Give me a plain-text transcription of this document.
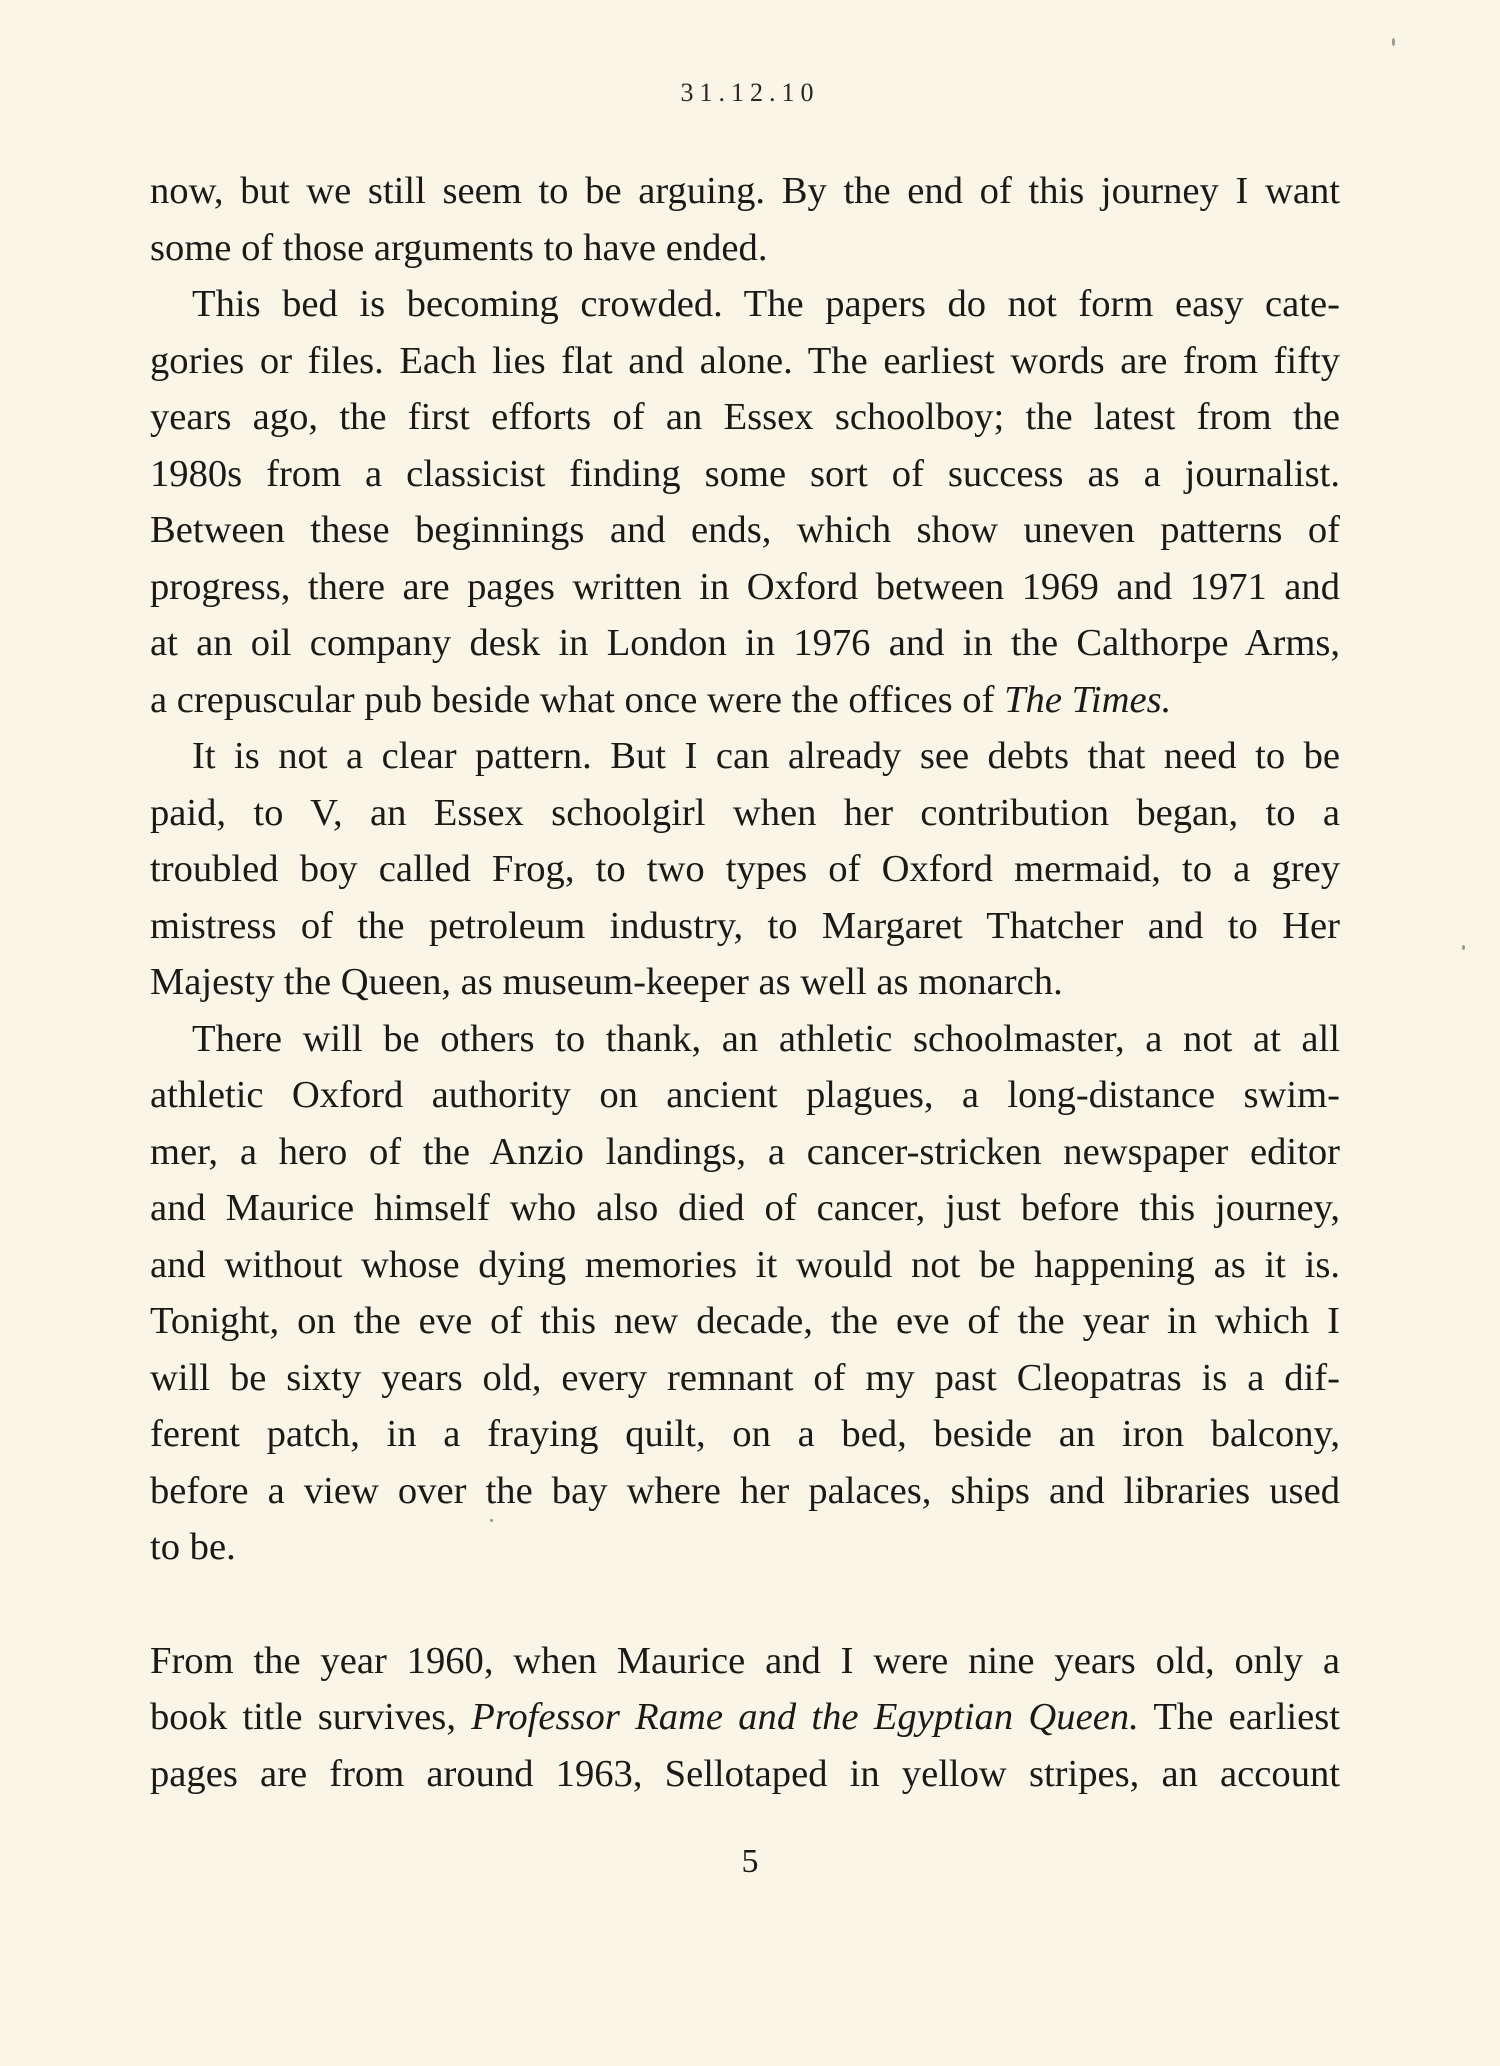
31.12.10
now, but we still seem to be arguing. By the end of this journey I want
some of those arguments to have ended.
This bed is becoming crowded. The papers do not form easy cate-
gories or files. Each lies flat and alone. The earliest words are from fifty
years ago, the first efforts of an Essex schoolboy; the latest from the
1980s from a classicist finding some sort of success as a journalist.
Between these beginnings and ends, which show uneven patterns of
progress, there are pages written in Oxford between 1969 and 1971 and
at an oil company desk in London in 1976 and in the Calthorpe Arms,
a crepuscular pub beside what once were the offices of The Times.
It is not a clear pattern. But I can already see debts that need to be
paid, to V, an Essex schoolgirl when her contribution began, to a
troubled boy called Frog, to two types of Oxford mermaid, to a grey
mistress of the petroleum industry, to Margaret Thatcher and to Her
Majesty the Queen, as museum-keeper as well as monarch.
There will be others to thank, an athletic schoolmaster, a not at all
athletic Oxford authority on ancient plagues, a long-distance swim-
mer, a hero of the Anzio landings, a cancer-stricken newspaper editor
and Maurice himself who also died of cancer, just before this journey,
and without whose dying memories it would not be happening as it is.
Tonight, on the eve of this new decade, the eve of the year in which I
will be sixty years old, every remnant of my past Cleopatras is a dif-
ferent patch, in a fraying quilt, on a bed, beside an iron balcony,
before a view over the bay where her palaces, ships and libraries used
to be.
From the year 1960, when Maurice and I were nine years old, only a
book title survives, Professor Rame and the Egyptian Queen. The earliest
pages are from around 1963, Sellotaped in yellow stripes, an account
5
